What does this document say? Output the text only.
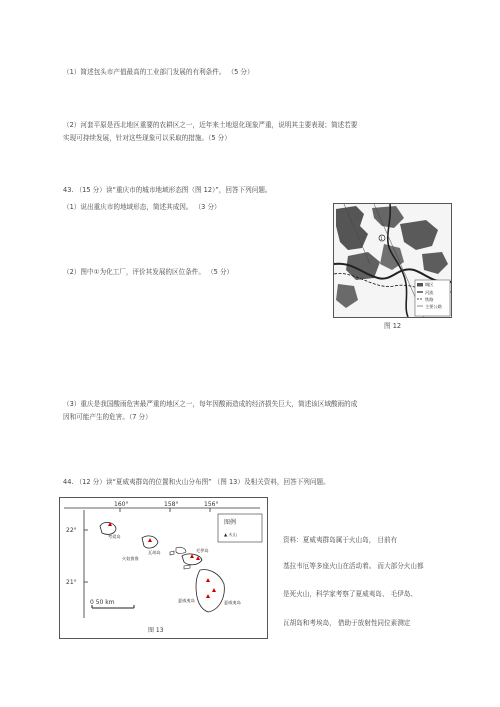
（1）简述包头市产值最高的工业部门发展的有利条件。 （5 分）
（2）河套平原是西北地区重要的农耕区之一，近年来土地退化现象严重，说明其主要表现；简述若要
实现可持续发展，针对这些现象可以采取的措施。（5 分）
43. （15 分）读“重庆市的城市地域形态图（图 12）”，回答下列问题。
（1）说出重庆市的地域形态，简述其成因。 （3 分）
（2）图中①为化工厂，评价其发展的区位条件。 （5 分）
1
城区
河流
铁路
主要公路
图 12
（3）重庆是我国酸雨危害最严重的地区之一，每年因酸雨造成的经济损失巨大，简述该区域酸雨的成
因和可能产生的危害。（7 分）
44. （12 分）读“夏威夷群岛的位置和火山分布图” （图 13）及相关资料，回答下列问题。
160°	158°	156°
22°
21°
图例
▲ 火山
考爱岛
瓦胡岛
火奴鲁鲁
毛伊岛
夏威夷岛	夏威夷岛
0 50 km
图 13
资料：夏威夷群岛属于火山岛， 目前有
基拉韦厄等多座火山在活动着。 而大部分火山都
是死火山，科学家考察了夏威夷岛、 毛伊岛、
瓦胡岛和考埃岛， 借助于放射性同位素测定
